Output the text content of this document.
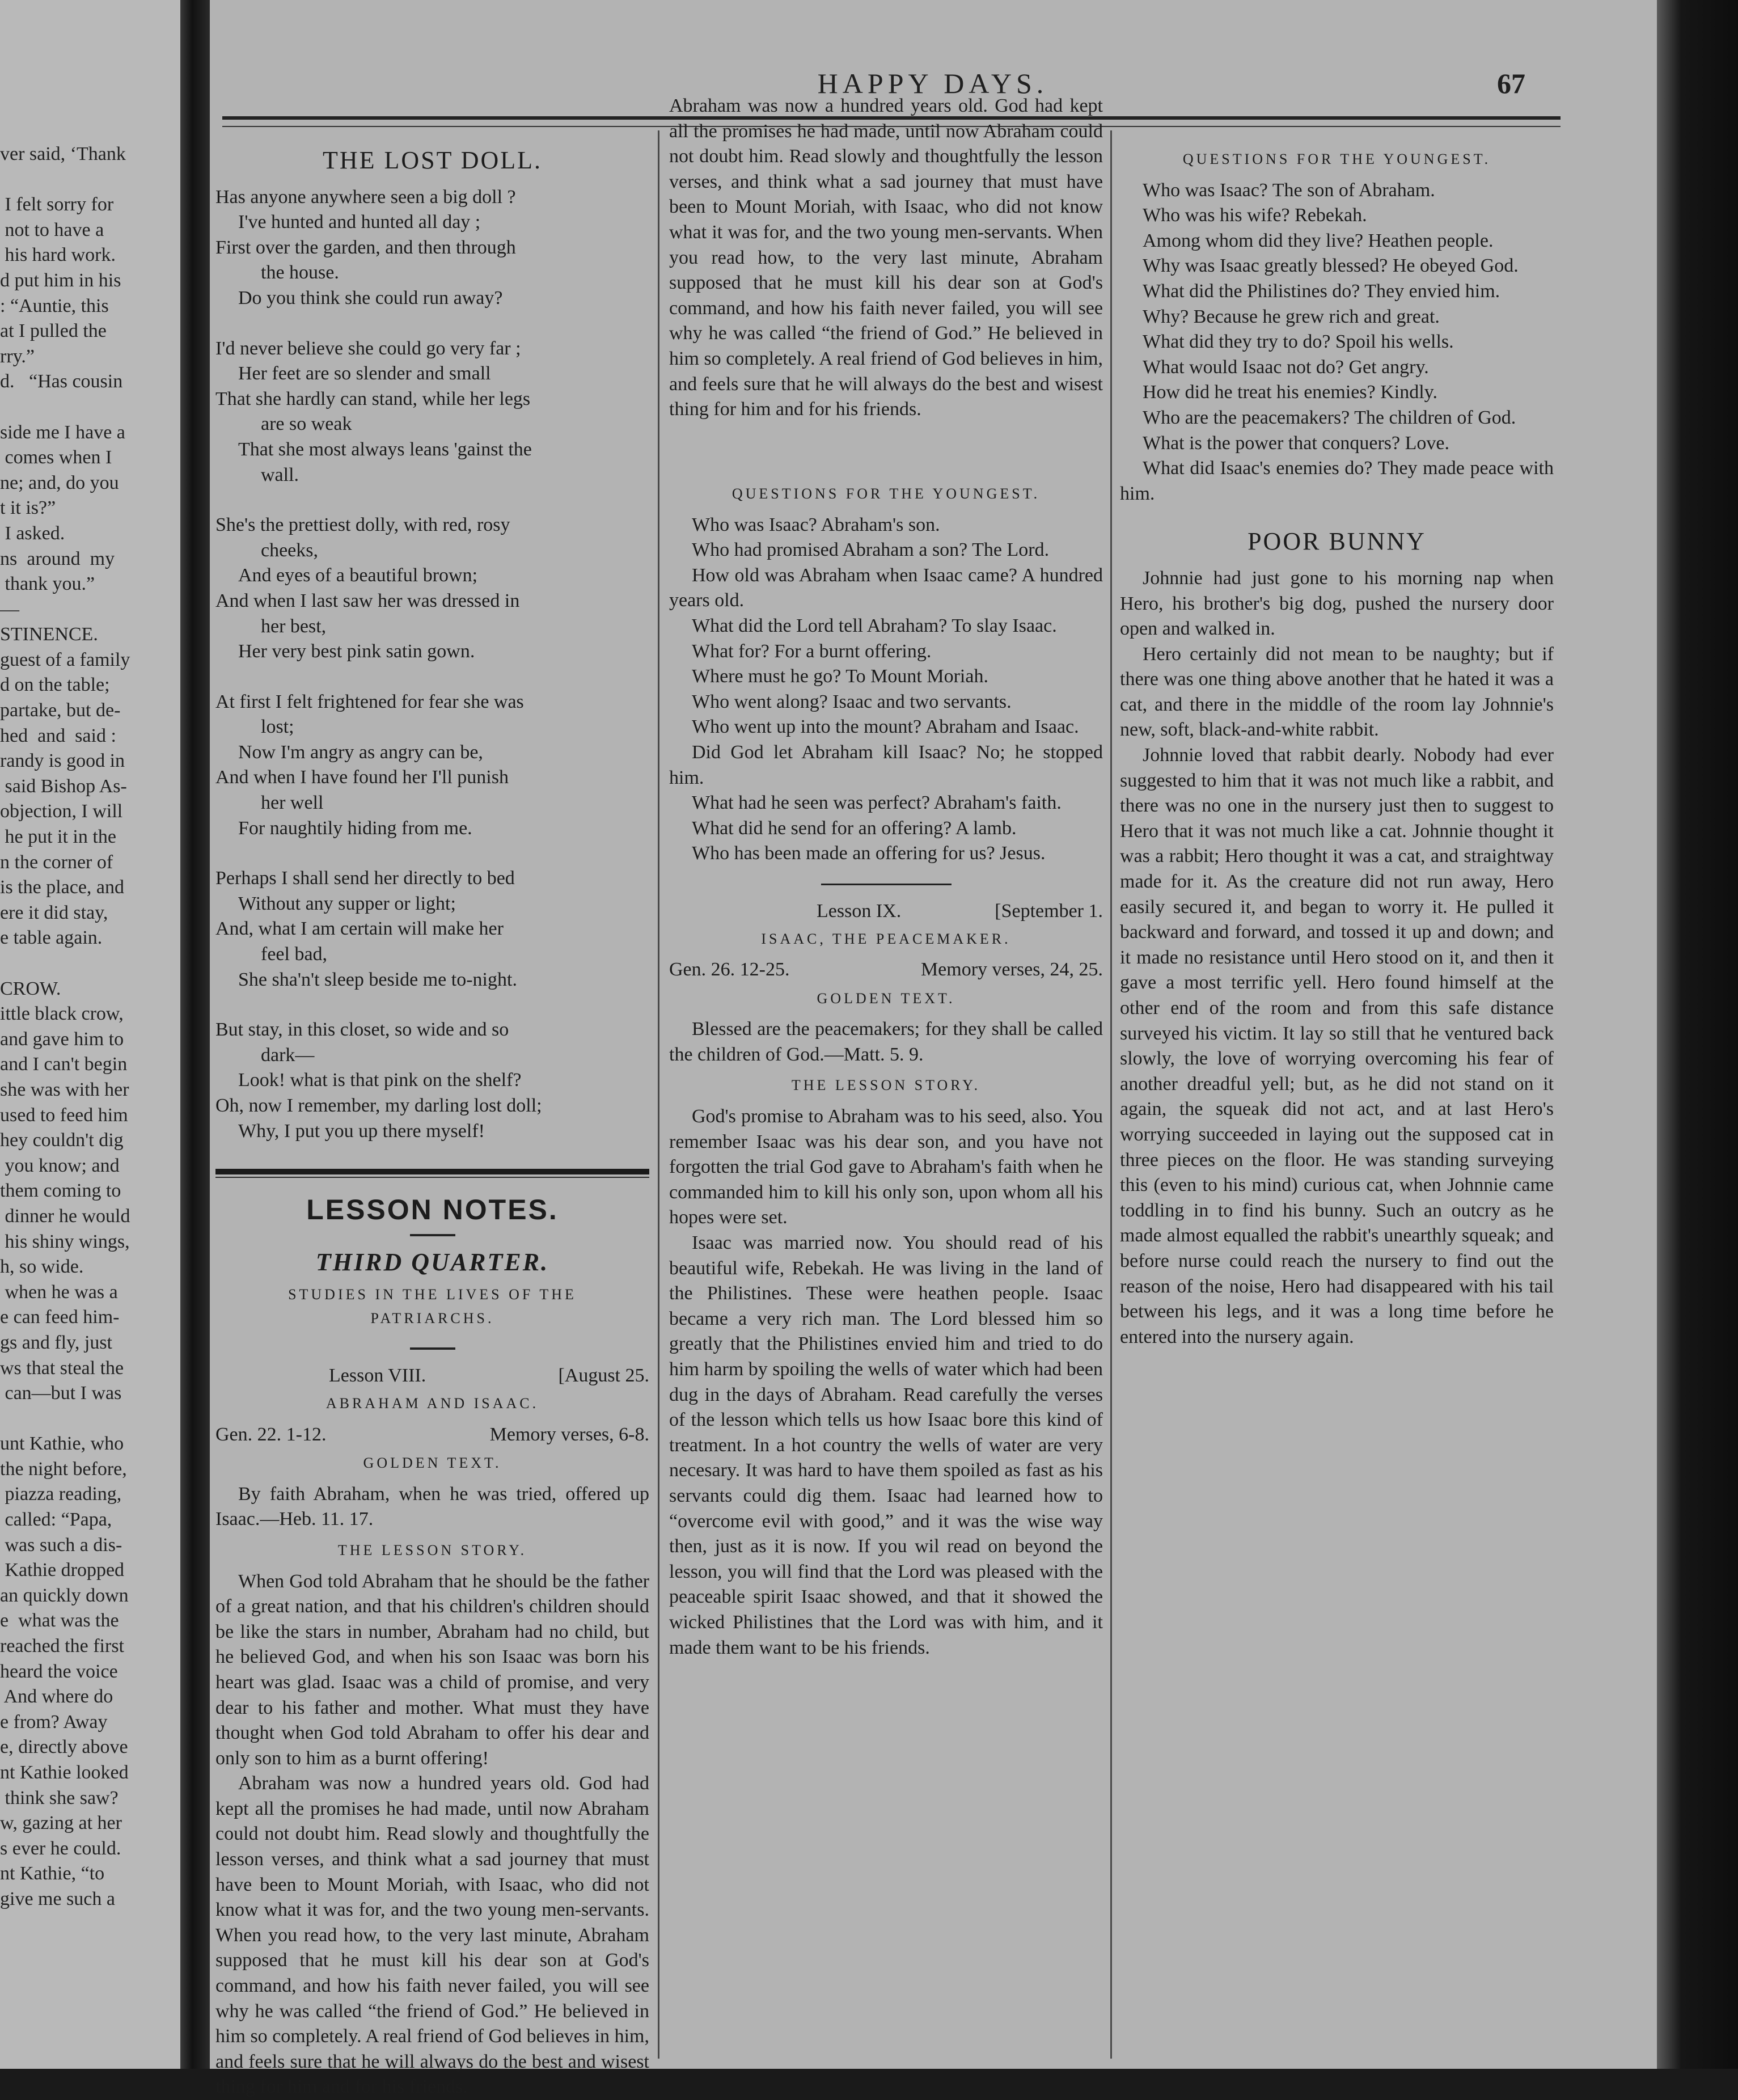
ver said, ‘Thank

I felt sorry for
not to have a
his hard work.
d put him in his
: “Auntie, this
at I pulled the
rry.”
d.   “Has cousin

side me I have a
comes when I
ne; and, do you
t it is?”
I asked.
ns  around  my
thank you.”
—
STINENCE.
guest of a family
d on the table;
partake, but de-
hed  and  said :
randy is good in
said Bishop As-
objection, I will
he put it in the
n the corner of
is the place, and
ere it did stay,
e table again.

CROW.
ittle black crow,
and gave him to
and I can't begin
she was with her
used to feed him
hey couldn't dig
you know; and
them coming to
dinner he would
his shiny wings,
h, so wide.
when he was a
e can feed him-
gs and fly, just
ws that steal the
can—but I was

unt Kathie, who
the night before,
piazza reading,
called: “Papa,
was such a dis-
Kathie dropped
an quickly down
e  what was the
reached the first
heard the voice
And where do
e from? Away
e, directly above
nt Kathie looked
think she saw?
w, gazing at her
s ever he could.
nt Kathie, “to
give me such a
HAPPY DAYS.	67
THE LOST DOLL.
Has anyone anywhere seen a big doll ?
I've hunted and hunted all day ;
First over the garden, and then through
the house.
Do you think she could run away?
I'd never believe she could go very far ;
Her feet are so slender and small
That she hardly can stand, while her legs
are so weak
That she most always leans 'gainst the
wall.
She's the prettiest dolly, with red, rosy
cheeks,
And eyes of a beautiful brown;
And when I last saw her was dressed in
her best,
Her very best pink satin gown.
At first I felt frightened for fear she was
lost;
Now I'm angry as angry can be,
And when I have found her I'll punish
her well
For naughtily hiding from me.
Perhaps I shall send her directly to bed
Without any supper or light;
And, what I am certain will make her
feel bad,
She sha'n't sleep beside me to-night.
But stay, in this closet, so wide and so
dark—
Look! what is that pink on the shelf?
Oh, now I remember, my darling lost doll;
Why, I put you up there myself!
LESSON NOTES.
THIRD QUARTER.
STUDIES IN THE LIVES OF THE PATRIARCHS.
Lesson VIII.	[August 25.
ABRAHAM AND ISAAC.
Gen. 22. 1-12.	Memory verses, 6-8.
GOLDEN TEXT.

By faith Abraham, when he was tried, offered up Isaac.—Heb. 11. 17.

THE LESSON STORY.

When God told Abraham that he should be the father of a great nation, and that his children's children should be like the stars in number, Abraham had no child, but he believed God, and when his son Isaac was born his heart was glad. Isaac was a child of promise, and very dear to his father and mother. What must they have thought when God told Abraham to offer his dear and only son to him as a burnt offering!

Abraham was now a hundred years old. God had kept all the promises he had made, until now Abraham could not doubt him. Read slowly and thoughtfully the lesson verses, and think what a sad journey that must have been to Mount Moriah, with Isaac, who did not know what it was for, and the two young men-servants. When you read how, to the very last minute, Abraham supposed that he must kill his dear son at God's command, and how his faith never failed, you will see why he was called “the friend of God.” He believed in him so completely. A real friend of God believes in him, and feels sure that he will always do the best and wisest thing for him and for his friends.

Abraham was now a hundred years old. God had kept all the promises he had made, until now Abraham could not doubt him. Read slowly and thoughtfully the lesson verses, and think what a sad journey that must have been to Mount Moriah, with Isaac, who did not know what it was for, and the two young men-servants. When you read how, to the very last minute, Abraham supposed that he must kill his dear son at God's command, and how his faith never failed, you will see why he was called “the friend of God.” He believed in him so completely. A real friend of God believes in him, and feels sure that he will always do the best and wisest thing for him and for his friends.
QUESTIONS FOR THE YOUNGEST.

Who was Isaac? Abraham's son.

Who had promised Abraham a son? The Lord.

How old was Abraham when Isaac came? A hundred years old.

What did the Lord tell Abraham? To slay Isaac.

What for? For a burnt offering.

Where must he go? To Mount Moriah.

Who went along? Isaac and two servants.

Who went up into the mount? Abraham and Isaac.

Did God let Abraham kill Isaac? No; he stopped him.

What had he seen was perfect? Abraham's faith.

What did he send for an offering? A lamb.

Who has been made an offering for us? Jesus.

Lesson IX.	[September 1.
ISAAC, THE PEACEMAKER.
Gen. 26. 12-25.	Memory verses, 24, 25.
GOLDEN TEXT.

Blessed are the peacemakers; for they shall be called the children of God.—Matt. 5. 9.

THE LESSON STORY.

God's promise to Abraham was to his seed, also. You remember Isaac was his dear son, and you have not forgotten the trial God gave to Abraham's faith when he commanded him to kill his only son, upon whom all his hopes were set.

Isaac was married now. You should read of his beautiful wife, Rebekah. He was living in the land of the Philistines. These were heathen people. Isaac became a very rich man. The Lord blessed him so greatly that the Philistines envied him and tried to do him harm by spoiling the wells of water which had been dug in the days of Abraham. Read carefully the verses of the lesson which tells us how Isaac bore this kind of treatment. In a hot country the wells of water are very necesary. It was hard to have them spoiled as fast as his servants could dig them. Isaac had learned how to “overcome evil with good,” and it was the wise way then, just as it is now. If you wil read on beyond the lesson, you will find that the Lord was pleased with the peaceable spirit Isaac showed, and that it showed the wicked Philistines that the Lord was with him, and it made them want to be his friends.

QUESTIONS FOR THE YOUNGEST.

Who was Isaac? The son of Abraham.

Who was his wife? Rebekah.

Among whom did they live? Heathen people.

Why was Isaac greatly blessed? He obeyed God.

What did the Philistines do? They envied him.

Why? Because he grew rich and great.

What did they try to do? Spoil his wells.

What would Isaac not do? Get angry.

How did he treat his enemies? Kindly.

Who are the peacemakers? The children of God.

What is the power that conquers? Love.

What did Isaac's enemies do? They made peace with him.

POOR BUNNY

Johnnie had just gone to his morning nap when Hero, his brother's big dog, pushed the nursery door open and walked in.

Hero certainly did not mean to be naughty; but if there was one thing above another that he hated it was a cat, and there in the middle of the room lay Johnnie's new, soft, black-and-white rabbit.

Johnnie loved that rabbit dearly. Nobody had ever suggested to him that it was not much like a rabbit, and there was no one in the nursery just then to suggest to Hero that it was not much like a cat. Johnnie thought it was a rabbit; Hero thought it was a cat, and straightway made for it. As the creature did not run away, Hero easily secured it, and began to worry it. He pulled it backward and forward, and tossed it up and down; and it made no resistance until Hero stood on it, and then it gave a most terrific yell. Hero found himself at the other end of the room and from this safe distance surveyed his victim. It lay so still that he ventured back slowly, the love of worrying overcoming his fear of another dreadful yell; but, as he did not stand on it again, the squeak did not act, and at last Hero's worrying succeeded in laying out the supposed cat in three pieces on the floor. He was standing surveying this (even to his mind) curious cat, when Johnnie came toddling in to find his bunny. Such an outcry as he made almost equalled the rabbit's unearthly squeak; and before nurse could reach the nursery to find out the reason of the noise, Hero had disappeared with his tail between his legs, and it was a long time before he entered into the nursery again.
